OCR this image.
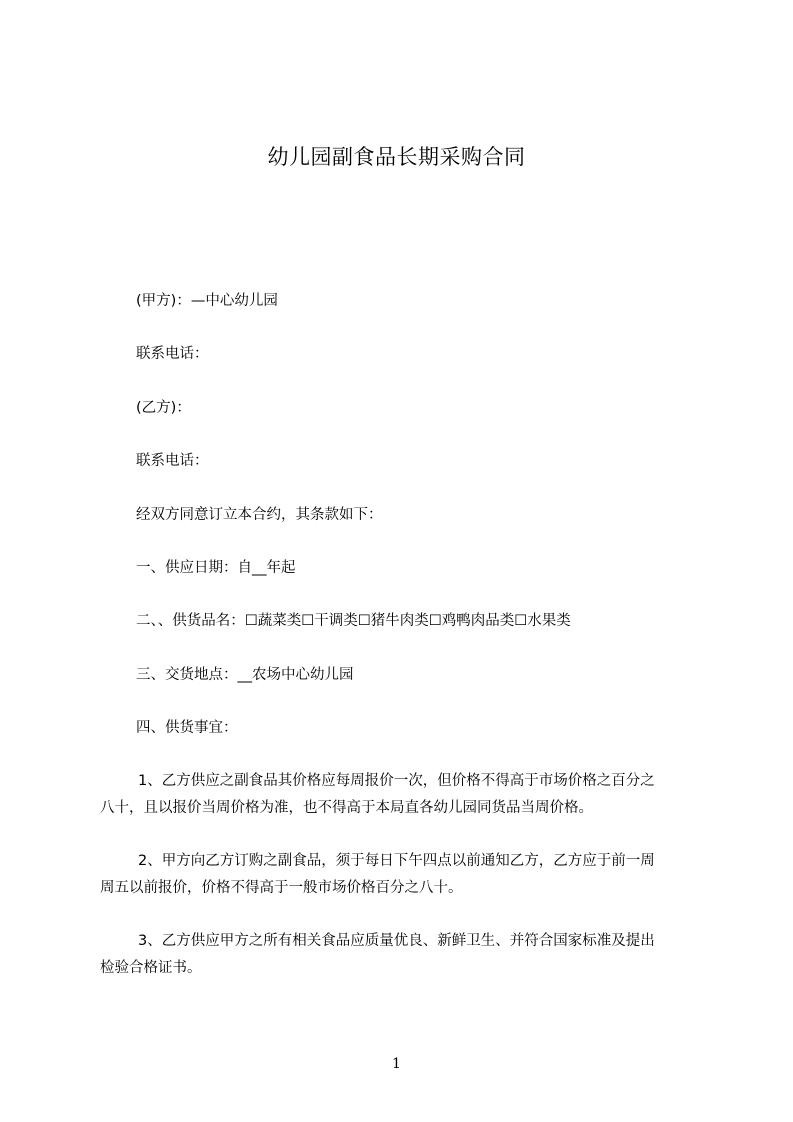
幼儿园副食品长期采购合同
(甲方)：—中心幼儿园
联系电话：
(乙方)：
联系电话：
经双方同意订立本合约，其条款如下：
一、供应日期：自__年起
二、、供货品名：☐蔬菜类☐干调类☐猪牛肉类☐鸡鸭肉品类☐水果类
三、交货地点：__农场中心幼儿园
四、供货事宜：
1、乙方供应之副食品其价格应每周报价一次，但价格不得高于市场价格之百分之
八十，且以报价当周价格为准，也不得高于本局直各幼儿园同货品当周价格。
2、甲方向乙方订购之副食品，须于每日下午四点以前通知乙方，乙方应于前一周
周五以前报价，价格不得高于一般市场价格百分之八十。
3、乙方供应甲方之所有相关食品应质量优良、新鲜卫生、并符合国家标准及提出
检验合格证书。
1
